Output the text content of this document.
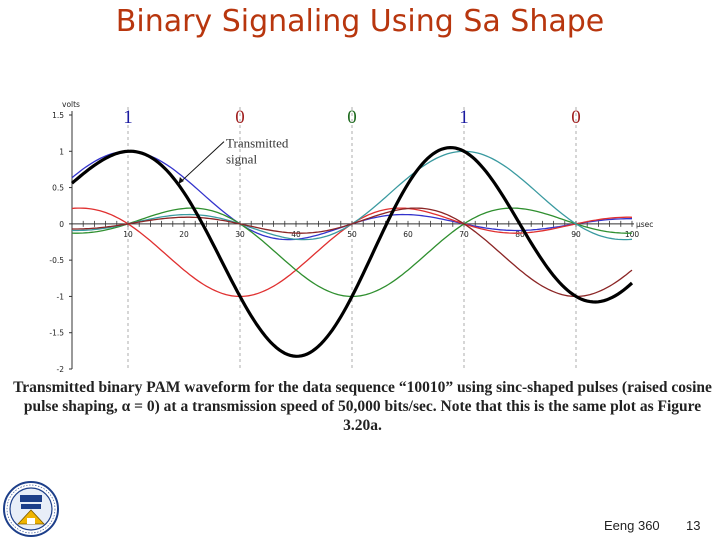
Binary Signaling Using Sa Shape
1.5
1
0.5
0
-0.5
-1
-1.5
-2
10	20	30	40	50	60	70	80	90	100
volts
μsec
1	0	0	1	0
Transmitted
signal
Transmitted binary PAM waveform for the data sequence “10010” using sinc-shaped pulses (raised cosine pulse shaping, α = 0) at a transmission speed of 50,000 bits/sec. Note that this is the same plot as Figure 3.20a.
Eeng 360 13
